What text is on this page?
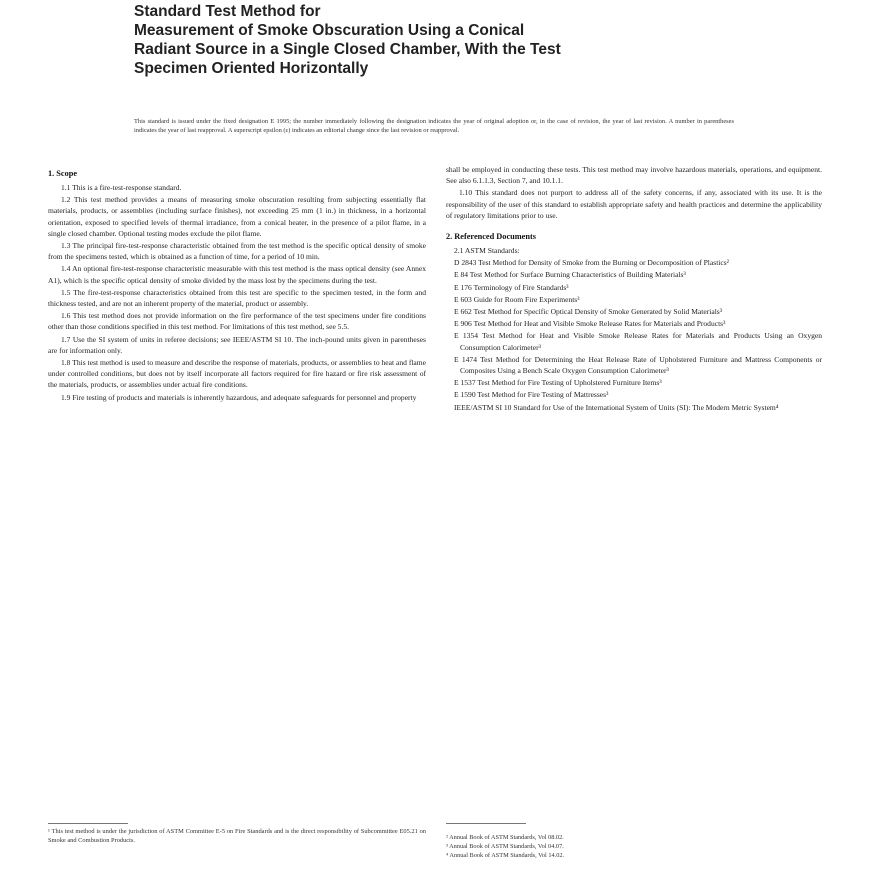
Standard Test Method for
Measurement of Smoke Obscuration Using a Conical
Radiant Source in a Single Closed Chamber, With the Test
Specimen Oriented Horizontally

This standard is issued under the fixed designation E 1995; the number immediately following the designation indicates the year of original adoption or, in the case of revision, the year of last revision. A number in parentheses indicates the year of last reapproval. A superscript epsilon (ε) indicates an editorial change since the last revision or reapproval.

1. Scope

1.1 This is a fire-test-response standard.

1.2 This test method provides a means of measuring smoke obscuration resulting from subjecting essentially flat materials, products, or assemblies (including surface finishes), not exceeding 25 mm (1 in.) in thickness, in a horizontal orientation, exposed to specified levels of thermal irradiance, from a conical heater, in the presence of a pilot flame, in a single closed chamber. Optional testing modes exclude the pilot flame.

1.3 The principal fire-test-response characteristic obtained from the test method is the specific optical density of smoke from the specimens tested, which is obtained as a function of time, for a period of 10 min.

1.4 An optional fire-test-response characteristic measurable with this test method is the mass optical density (see Annex A1), which is the specific optical density of smoke divided by the mass lost by the specimens during the test.

1.5 The fire-test-response characteristics obtained from this test are specific to the specimen tested, in the form and thickness tested, and are not an inherent property of the material, product or assembly.

1.6 This test method does not provide information on the fire performance of the test specimens under fire conditions other than those conditions specified in this test method. For limitations of this test method, see 5.5.

1.7 Use the SI system of units in referee decisions; see IEEE/ASTM SI 10. The inch-pound units given in parentheses are for information only.

1.8 This test method is used to measure and describe the response of materials, products, or assemblies to heat and flame under controlled conditions, but does not by itself incorporate all factors required for fire hazard or fire risk assessment of the materials, products, or assemblies under actual fire conditions.

1.9 Fire testing of products and materials is inherently hazardous, and adequate safeguards for personnel and property

shall be employed in conducting these tests. This test method may involve hazardous materials, operations, and equipment. See also 6.1.1.3, Section 7, and 10.1.1.

1.10 This standard does not purport to address all of the safety concerns, if any, associated with its use. It is the responsibility of the user of this standard to establish appropriate safety and health practices and determine the applicability of regulatory limitations prior to use.

2. Referenced Documents
2.1 ASTM Standards:
D 2843 Test Method for Density of Smoke from the Burning or Decomposition of Plastics²
E 84 Test Method for Surface Burning Characteristics of Building Materials³
E 176 Terminology of Fire Standards³
E 603 Guide for Room Fire Experiments³
E 662 Test Method for Specific Optical Density of Smoke Generated by Solid Materials³
E 906 Test Method for Heat and Visible Smoke Release Rates for Materials and Products³
E 1354 Test Method for Heat and Visible Smoke Release Rates for Materials and Products Using an Oxygen Consumption Calorimeter³
E 1474 Test Method for Determining the Heat Release Rate of Upholstered Furniture and Mattress Components or Composites Using a Bench Scale Oxygen Consumption Calorimeter³
E 1537 Test Method for Fire Testing of Upholstered Furniture Items³
E 1590 Test Method for Fire Testing of Mattresses³
IEEE/ASTM SI 10 Standard for Use of the International System of Units (SI): The Modern Metric System⁴

¹ This test method is under the jurisdiction of ASTM Committee E-5 on Fire Standards and is the direct responsibility of Subcommittee E05.21 on Smoke and Combustion Products.	² Annual Book of ASTM Standards, Vol 08.02.
³ Annual Book of ASTM Standards, Vol 04.07.
⁴ Annual Book of ASTM Standards, Vol 14.02.
